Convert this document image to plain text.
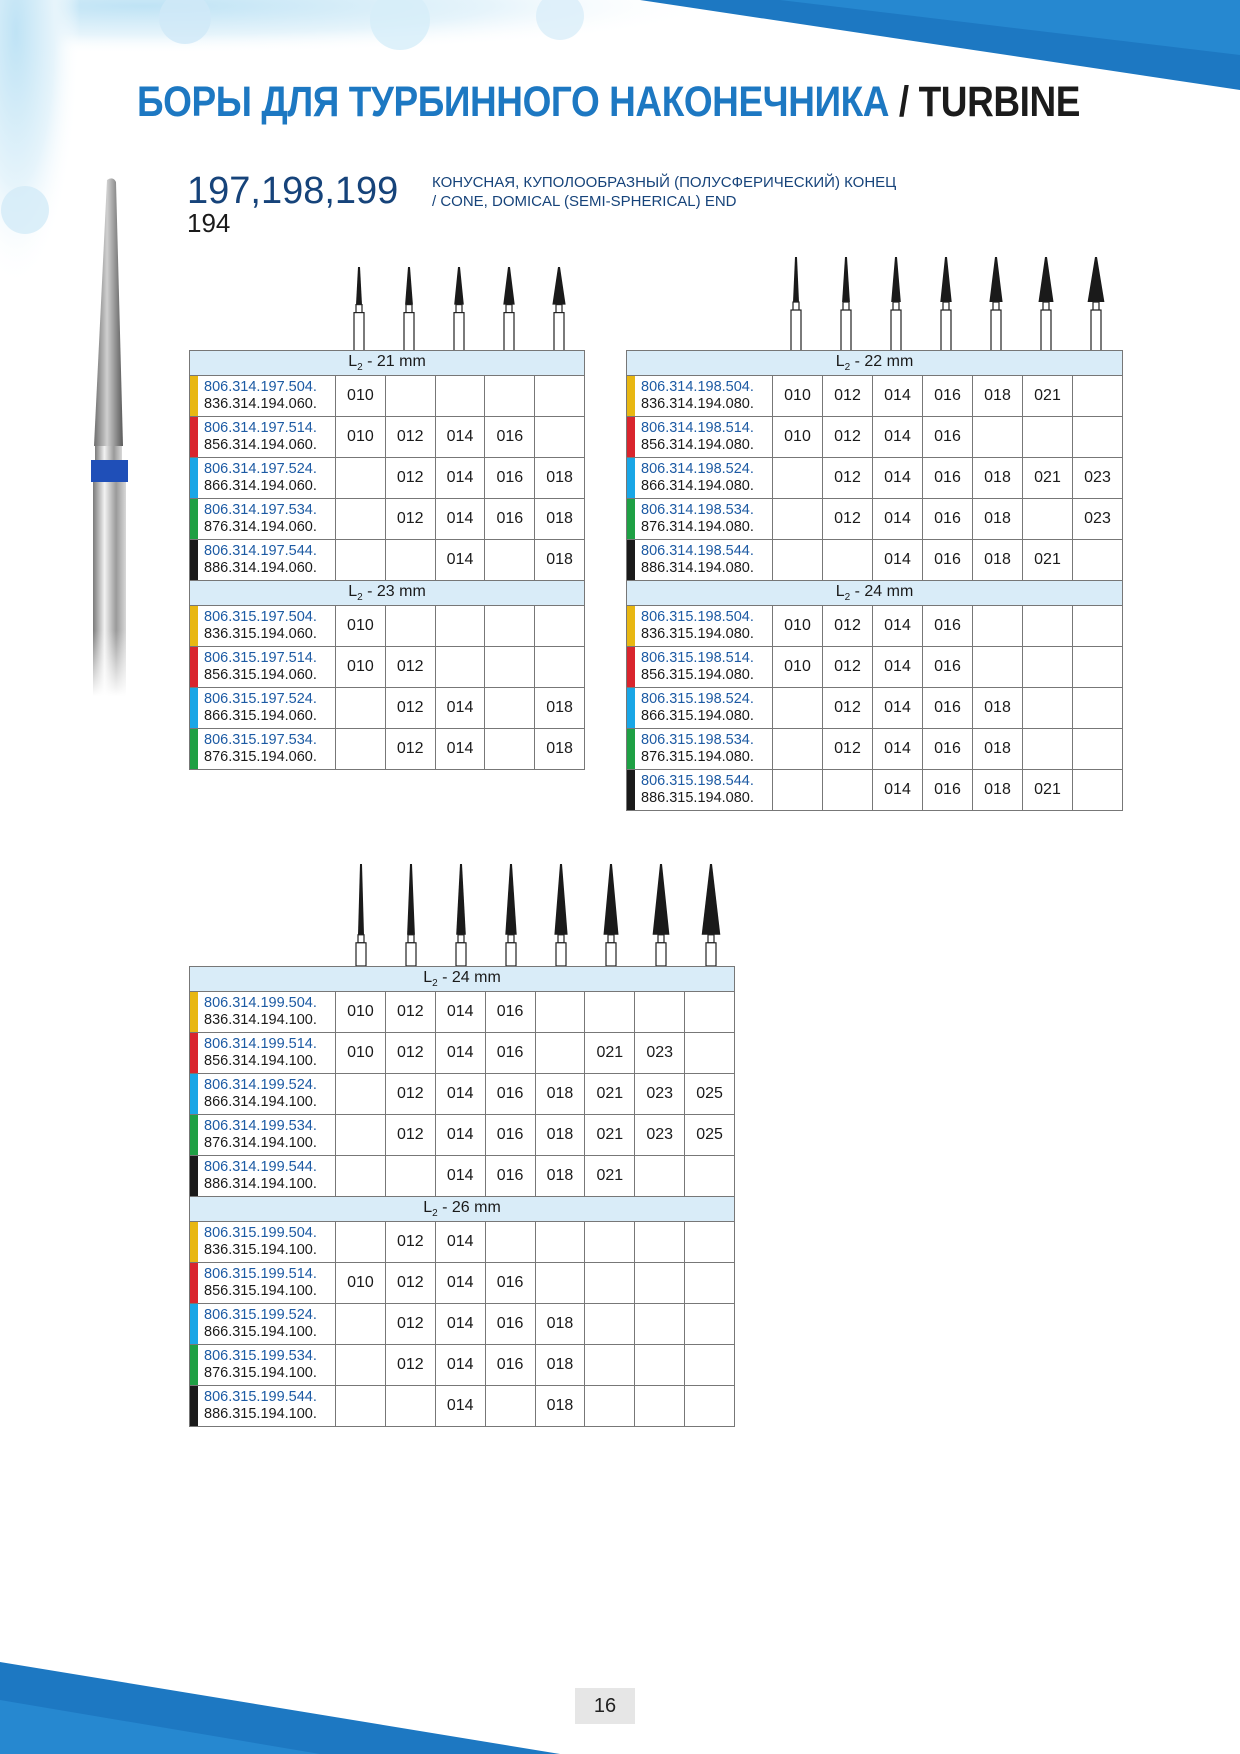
БОРЫ ДЛЯ ТУРБИННОГО НАКОНЕЧНИКА / TURBINE
197,198,199
194
КОНУСНАЯ, КУПОЛООБРАЗНЫЙ (ПОЛУСФЕРИЧЕСКИЙ) КОНЕЦ
/ CONE, DOMICAL (SEMI-SPHERICAL) END
$L_2 - 21$ mm					

806.314.197.504.
836.314.194.060.	010				

806.314.197.514.
856.314.194.060.	010	012	014	016	

806.314.197.524.
866.314.194.060.		012	014	016	018

806.314.197.534.
876.314.194.060.		012	014	016	018

806.314.197.544.
886.314.194.060.			014		018
$L_2 - 23$ mm					

806.315.197.504.
836.315.194.060.	010				

806.315.197.514.
856.315.194.060.	010	012			

806.315.197.524.
866.315.194.060.		012	014		018

806.315.197.534.
876.315.194.060.		012	014		018
$L_2 - 22$ mm							

806.314.198.504.
836.314.194.080.	010	012	014	016	018	021	

806.314.198.514.
856.314.194.080.	010	012	014	016			

806.314.198.524.
866.314.194.080.		012	014	016	018	021	023

806.314.198.534.
876.314.194.080.		012	014	016	018		023

806.314.198.544.
886.314.194.080.			014	016	018	021	
$L_2 - 24$ mm							

806.315.198.504.
836.315.194.080.	010	012	014	016			

806.315.198.514.
856.315.194.080.	010	012	014	016			

806.315.198.524.
866.315.194.080.		012	014	016	018		

806.315.198.534.
876.315.194.080.		012	014	016	018		

806.315.198.544.
886.315.194.080.			014	016	018	021	
$L_2 - 24$ mm								

806.314.199.504.
836.314.194.100.	010	012	014	016				

806.314.199.514.
856.314.194.100.	010	012	014	016		021	023	

806.314.199.524.
866.314.194.100.		012	014	016	018	021	023	025

806.314.199.534.
876.314.194.100.		012	014	016	018	021	023	025

806.314.199.544.
886.314.194.100.			014	016	018	021		
$L_2 - 26$ mm								

806.315.199.504.
836.315.194.100.		012	014					

806.315.199.514.
856.315.194.100.	010	012	014	016				

806.315.199.524.
866.315.194.100.		012	014	016	018			

806.315.199.534.
876.315.194.100.		012	014	016	018			

806.315.199.544.
886.315.194.100.			014		018			
16
